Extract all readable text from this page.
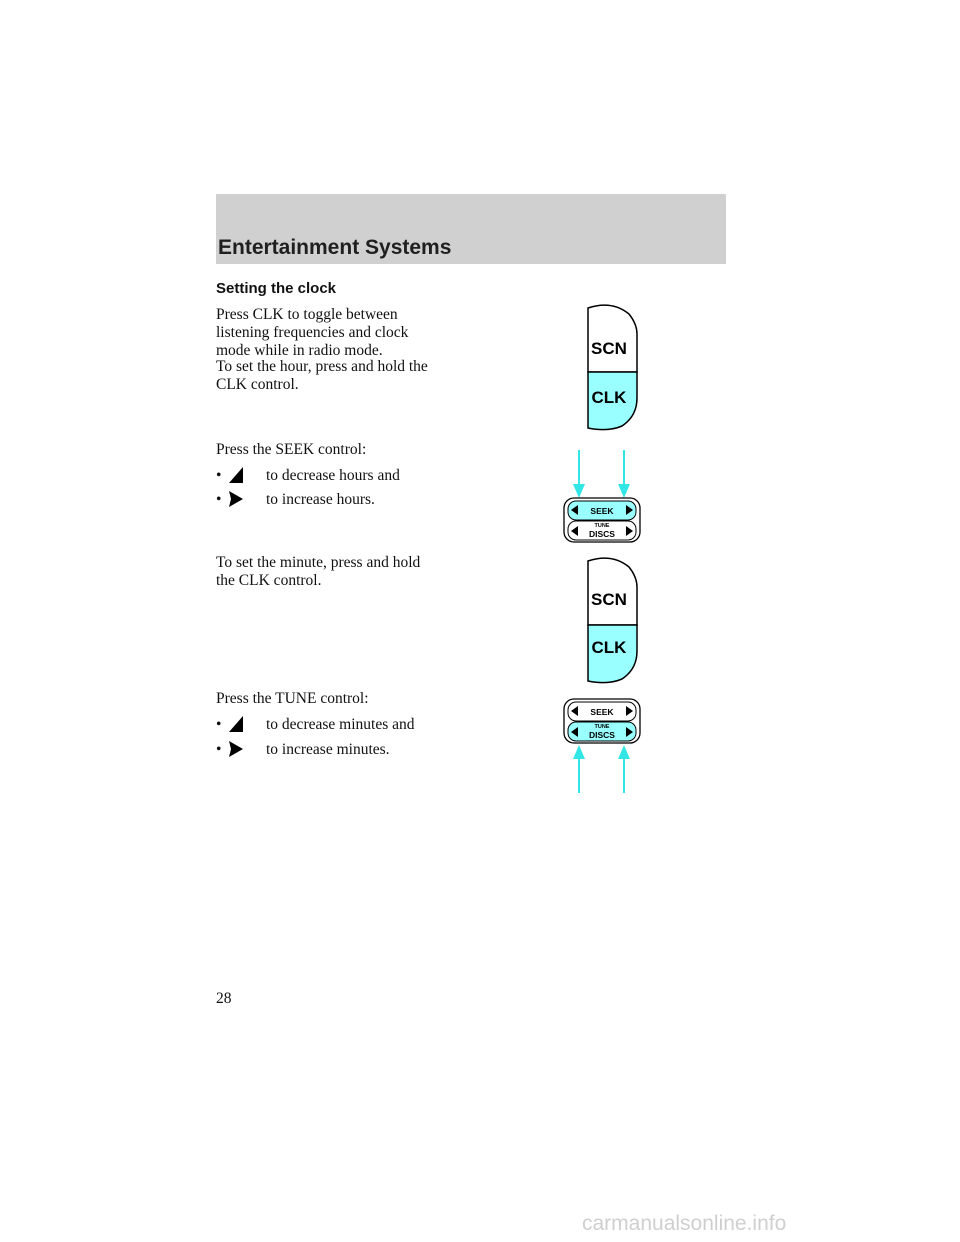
Entertainment Systems
Setting the clock

Press CLK to toggle between
listening frequencies and clock
mode while in radio mode.

To set the hour, press and hold the
CLK control.

Press the SEEK control:

•	to decrease hours and
•	to increase hours.

To set the minute, press and hold
the CLK control.

Press the TUNE control:

•	to decrease minutes and
•	to increase minutes.
SCN
CLK
SEEK
TUNE
DISCS
SCN
CLK
SEEK
TUNE
DISCS
28
carmanualsonline.info
